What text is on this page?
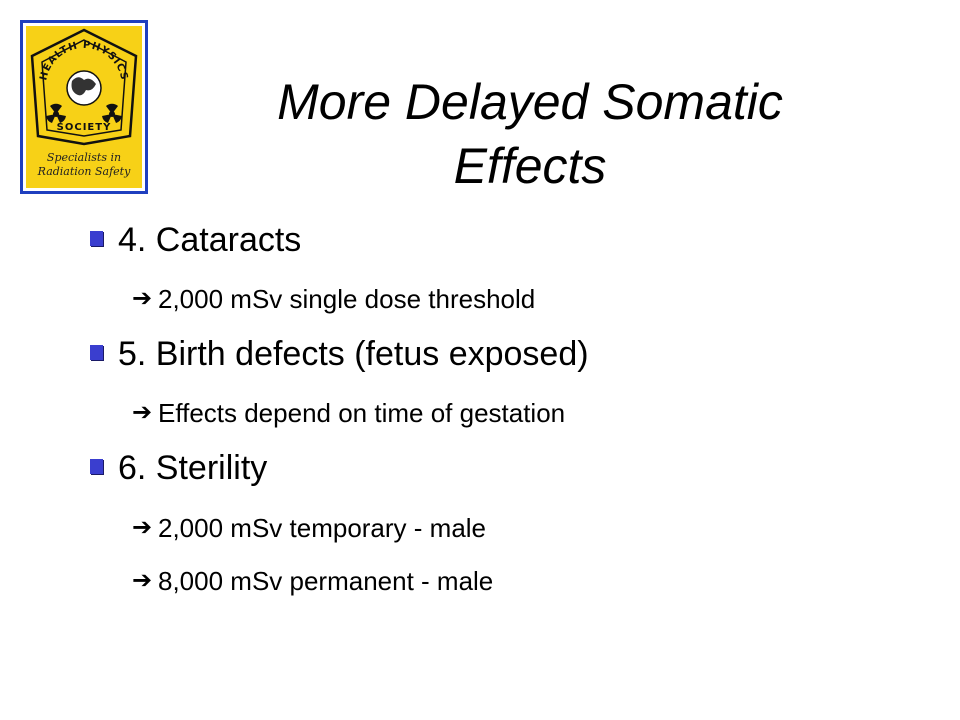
HEALTH PHYSICS
SOCIETY
Specialists in
Radiation Safety
More Delayed Somatic
Effects
4. Cataracts
➔ 2,000 mSv single dose threshold
5. Birth defects (fetus exposed)
➔ Effects depend on time of gestation
6. Sterility
➔ 2,000 mSv temporary - male
➔ 8,000 mSv permanent - male
